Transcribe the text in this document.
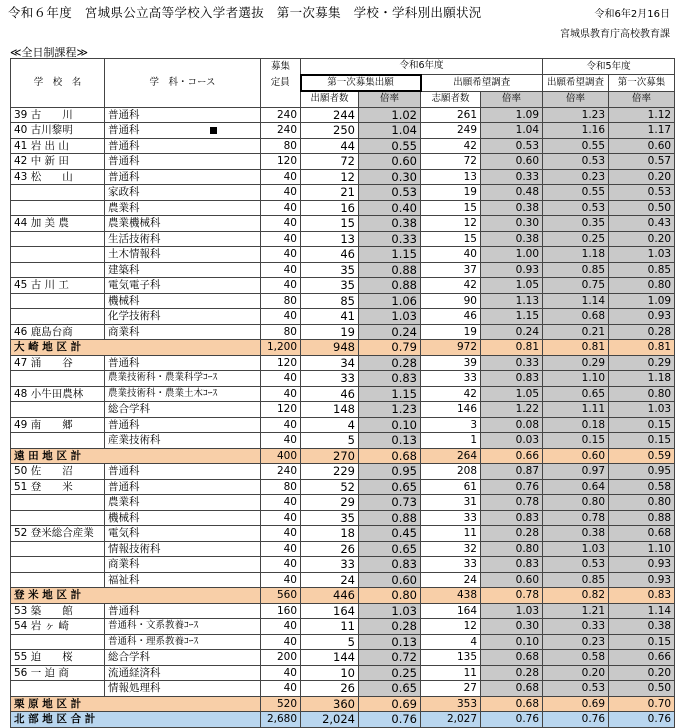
令和６年度　宮城県公立高等学校入学者選抜　第一次募集　学校・学科別出願状況	令和6年2月16日
宮城県教育庁高校教育課
≪全日制課程≫
学　校　名	学　科・コース	募集	令和6年度				令和5年度	
		定員	第一次募集出願		出願希望調査		出願希望調査	第一次募集
			出願者数	倍率	志願者数	倍率	倍率	倍率
39 古　　川	普通科	240	244	1.02	261	1.09	1.23	1.12
40 古川黎明	普通科	240	250	1.04	249	1.04	1.16	1.17
41 岩 出 山	普通科	80	44	0.55	42	0.53	0.55	0.60
42 中 新 田	普通科	120	72	0.60	72	0.60	0.53	0.57
43 松　　山	普通科	40	12	0.30	13	0.33	0.23	0.20
	家政科	40	21	0.53	19	0.48	0.55	0.53
	農業科	40	16	0.40	15	0.38	0.53	0.50
44 加 美 農	農業機械科	40	15	0.38	12	0.30	0.35	0.43
	生活技術科	40	13	0.33	15	0.38	0.25	0.20
	土木情報科	40	46	1.15	40	1.00	1.18	1.03
	建築科	40	35	0.88	37	0.93	0.85	0.85
45 古 川 工	電気電子科	40	35	0.88	42	1.05	0.75	0.80
	機械科	80	85	1.06	90	1.13	1.14	1.09
	化学技術科	40	41	1.03	46	1.15	0.68	0.93
46 鹿島台商	商業科	80	19	0.24	19	0.24	0.21	0.28
大 崎 地 区 計		1,200	948	0.79	972	0.81	0.81	0.81
47 涌　　谷	普通科	120	34	0.28	39	0.33	0.29	0.29
	農業技術科・農業科学ｺｰｽ	40	33	0.83	33	0.83	1.10	1.18
48 小牛田農林	農業技術科・農業土木ｺｰｽ	40	46	1.15	42	1.05	0.65	0.80
	総合学科	120	148	1.23	146	1.22	1.11	1.03
49 南　　郷	普通科	40	4	0.10	3	0.08	0.18	0.15
	産業技術科	40	5	0.13	1	0.03	0.15	0.15
遠 田 地 区 計		400	270	0.68	264	0.66	0.60	0.59
50 佐　　沼	普通科	240	229	0.95	208	0.87	0.97	0.95
51 登　　米	普通科	80	52	0.65	61	0.76	0.64	0.58
	農業科	40	29	0.73	31	0.78	0.80	0.80
	機械科	40	35	0.88	33	0.83	0.78	0.88
52 登米総合産業	電気科	40	18	0.45	11	0.28	0.38	0.68
	情報技術科	40	26	0.65	32	0.80	1.03	1.10
	商業科	40	33	0.83	33	0.83	0.53	0.93
	福祉科	40	24	0.60	24	0.60	0.85	0.93
登 米 地 区 計		560	446	0.80	438	0.78	0.82	0.83
53 築　　館	普通科	160	164	1.03	164	1.03	1.21	1.14
54 岩 ヶ 崎	普通科・文系教養ｺｰｽ	40	11	0.28	12	0.30	0.33	0.38
	普通科・理系教養ｺｰｽ	40	5	0.13	4	0.10	0.23	0.15
55 迫　　桜	総合学科	200	144	0.72	135	0.68	0.58	0.66
56 一 迫 商	流通経済科	40	10	0.25	11	0.28	0.20	0.20
	情報処理科	40	26	0.65	27	0.68	0.53	0.50
栗 原 地 区 計		520	360	0.69	353	0.68	0.69	0.70
北 部 地 区 合 計		2,680	2,024	0.76	2,027	0.76	0.76	0.76
